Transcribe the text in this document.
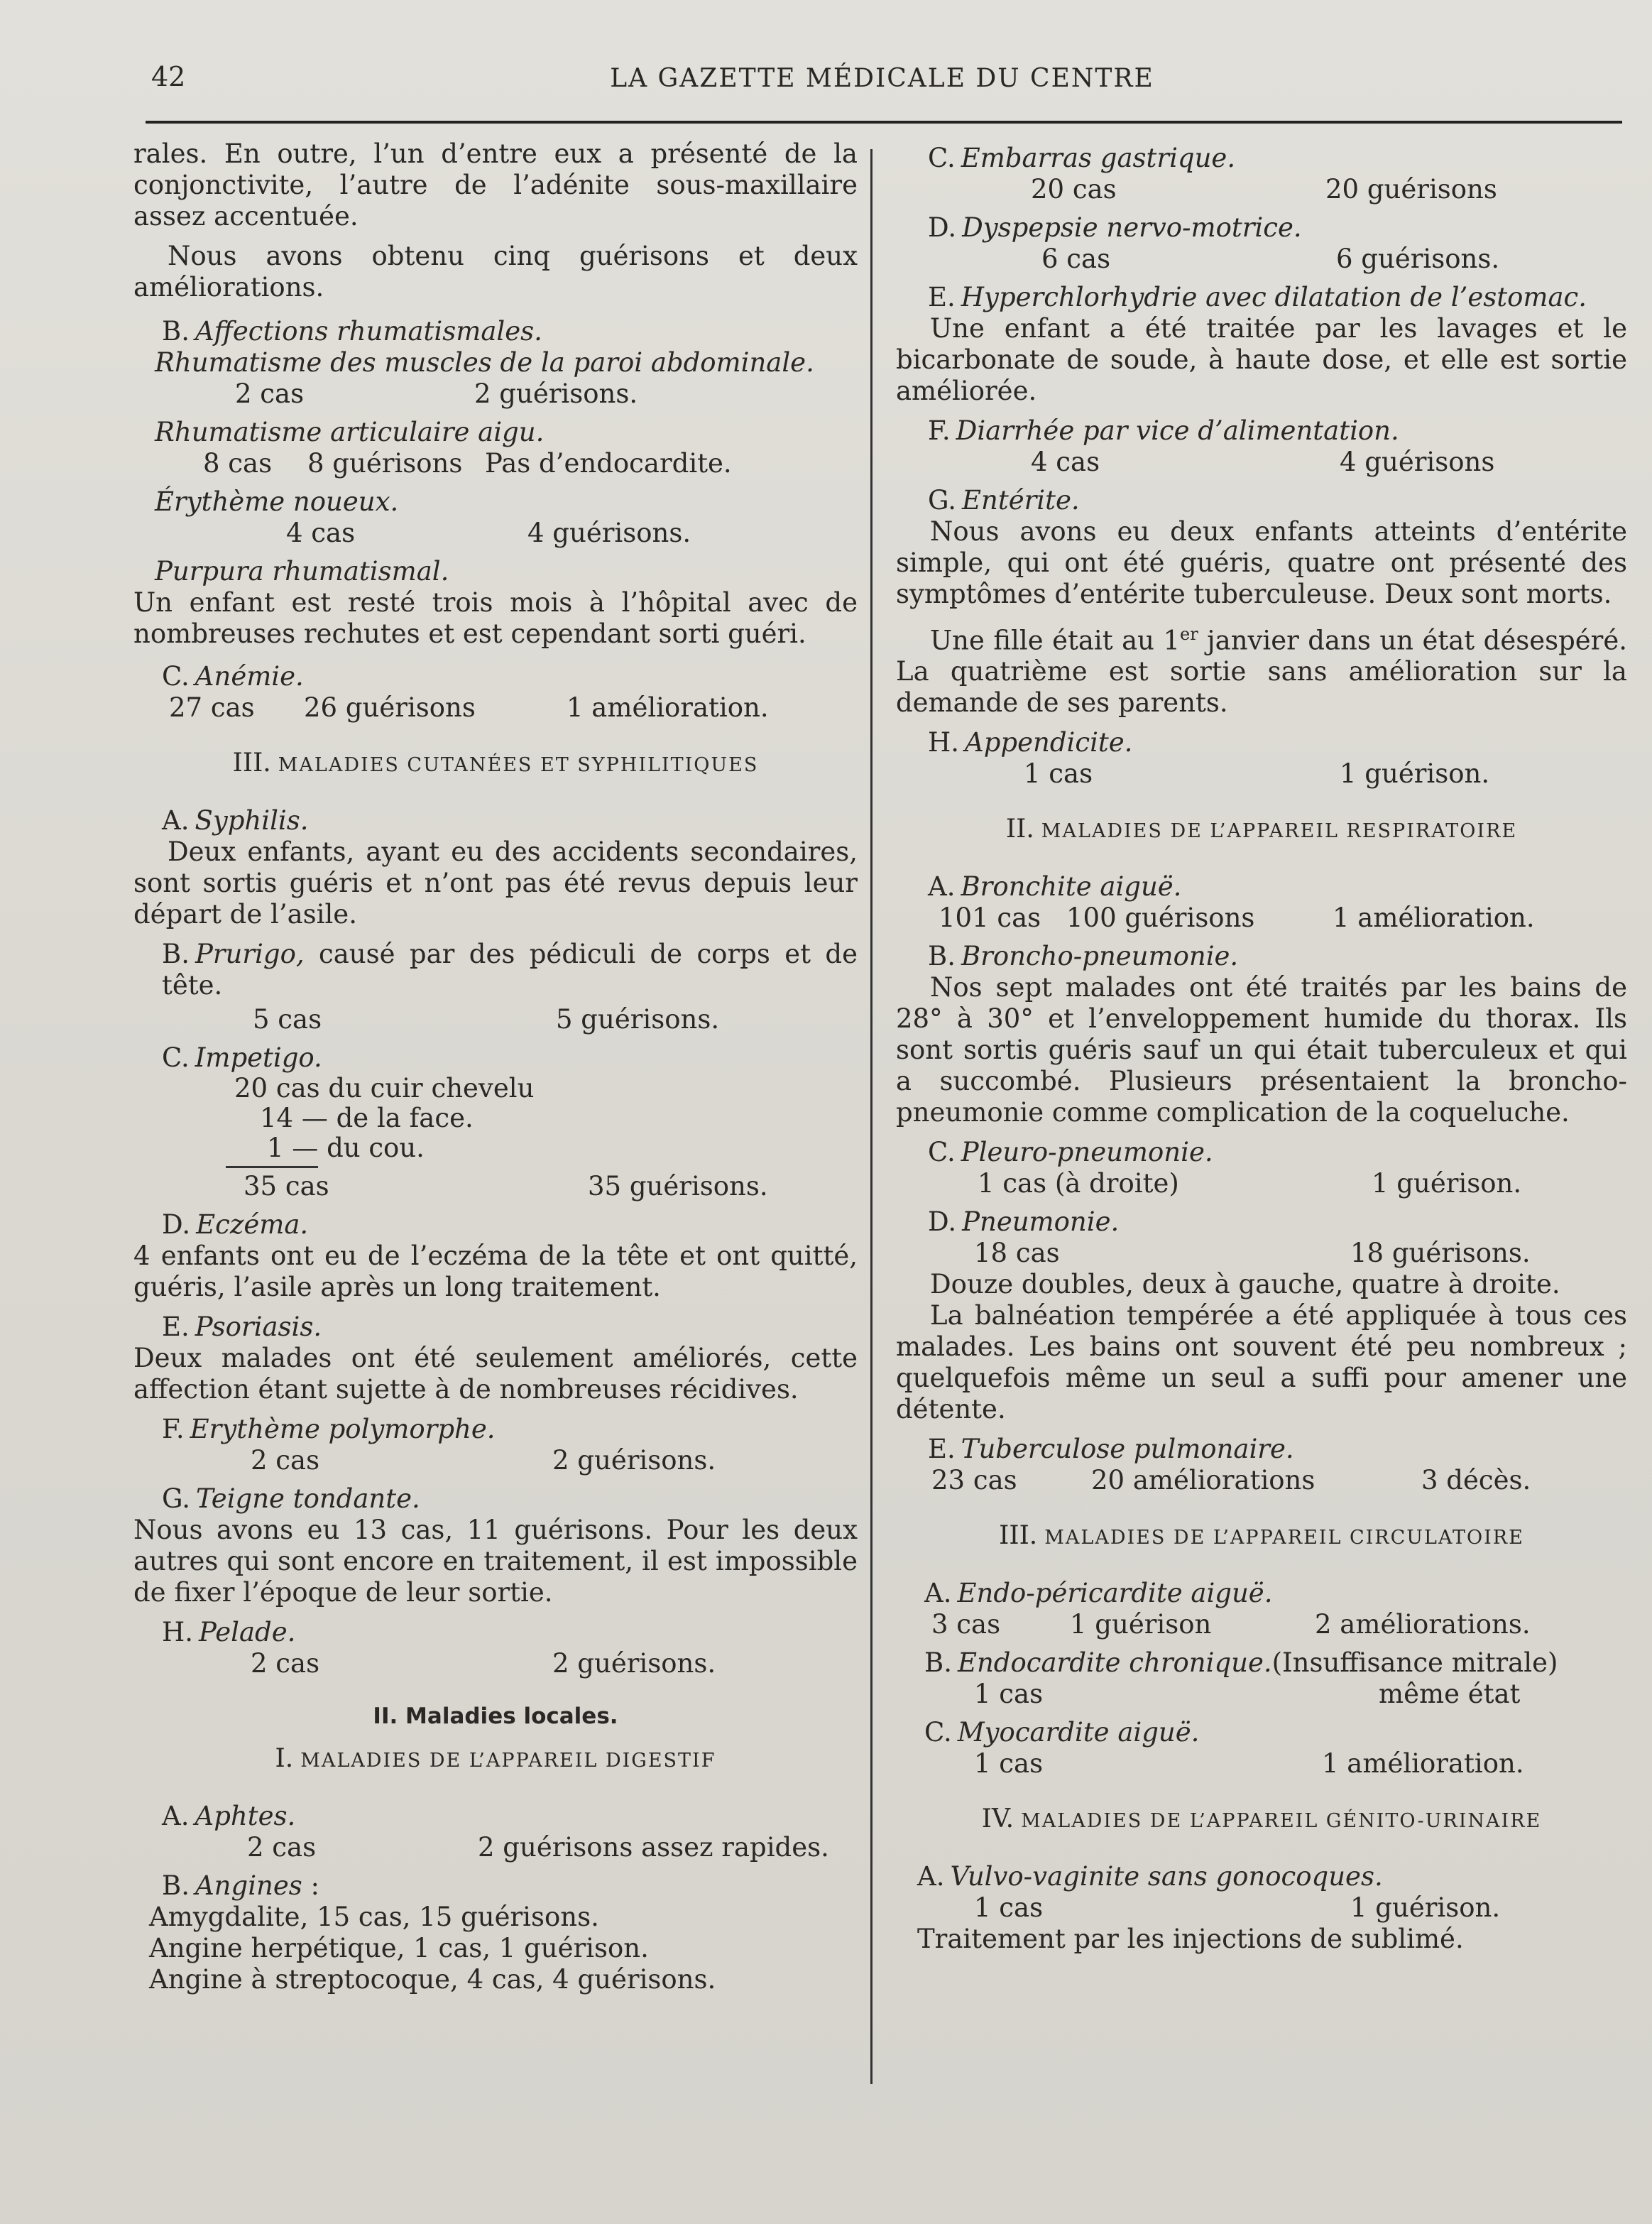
42	LA GAZETTE MÉDICALE DU CENTRE

rales. En outre, l’un d’entre eux a présenté de la conjonctivite, l’autre de l’adénite sous-maxillaire assez accentuée.

Nous avons obtenu cinq guérisons et deux améliorations.

B. Affections rhumatismales.

Rhumatisme des muscles de la paroi abdominale.

2 cas	2 guérisons.

Rhumatisme articulaire aigu.

8 cas	8 guérisons Pas d’endocardite.

Érythème noueux.

4 cas	4 guérisons.

Purpura rhumatismal.

Un enfant est resté trois mois à l’hôpital avec de nombreuses rechutes et est cependant sorti guéri.

C. Anémie.

27 cas	26 guérisons	1 amélioration.
III. MALADIES CUTANÉES ET SYPHILITIQUES

A. Syphilis.

Deux enfants, ayant eu des accidents secondaires, sont sortis guéris et n’ont pas été revus depuis leur départ de l’asile.

B. Prurigo, causé par des pédiculi de corps et de tête.

5 cas	5 guérisons.

C. Impetigo.

20 cas du cuir chevelu

14 — de la face.

1 — du cou.

35 cas	35 guérisons.

D. Eczéma.

4 enfants ont eu de l’eczéma de la tête et ont quitté, guéris, l’asile après un long traitement.

E. Psoriasis.

Deux malades ont été seulement améliorés, cette affection étant sujette à de nombreuses récidives.

F. Erythème polymorphe.

2 cas	2 guérisons.

G. Teigne tondante.

Nous avons eu 13 cas, 11 guérisons. Pour les deux autres qui sont encore en traitement, il est impossible de fixer l’époque de leur sortie.

H. Pelade.

2 cas	2 guérisons.
II. Maladies locales.
I. MALADIES DE L’APPAREIL DIGESTIF

A. Aphtes.

2 cas	2 guérisons assez rapides.

B. Angines :

Amygdalite, 15 cas, 15 guérisons.

Angine herpétique, 1 cas, 1 guérison.

Angine à streptocoque, 4 cas, 4 guérisons.

C. Embarras gastrique.

20 cas	20 guérisons

D. Dyspepsie nervo-motrice.

6 cas	6 guérisons.

E. Hyperchlorhydrie avec dilatation de l’estomac.

Une enfant a été traitée par les lavages et le bicarbonate de soude, à haute dose, et elle est sortie améliorée.

F. Diarrhée par vice d’alimentation.

4 cas	4 guérisons

G. Entérite.

Nous avons eu deux enfants atteints d’entérite simple, qui ont été guéris, quatre ont présenté des symptômes d’entérite tuberculeuse. Deux sont morts.

Une fille était au 1er janvier dans un état désespéré. La quatrième est sortie sans amélioration sur la demande de ses parents.

H. Appendicite.

1 cas	1 guérison.
II. MALADIES DE L’APPAREIL RESPIRATOIRE

A. Bronchite aiguë.

101 cas 100 guérisons	1 amélioration.

B. Broncho-pneumonie.

Nos sept malades ont été traités par les bains de 28° à 30° et l’enveloppement humide du thorax. Ils sont sortis guéris sauf un qui était tuberculeux et qui a succombé. Plusieurs présentaient la broncho-pneumonie comme complication de la coqueluche.

C. Pleuro-pneumonie.

1 cas (à droite)	1 guérison.

D. Pneumonie.

18 cas	18 guérisons.

Douze doubles, deux à gauche, quatre à droite.

La balnéation tempérée a été appliquée à tous ces malades. Les bains ont souvent été peu nombreux ; quelquefois même un seul a suffi pour amener une détente.

E. Tuberculose pulmonaire.

23 cas	20 améliorations	3 décès.
III. MALADIES DE L’APPAREIL CIRCULATOIRE

A. Endo-péricardite aiguë.

3 cas	1 guérison	2 améliorations.

B. Endocardite chronique.(Insuffisance mitrale)

1 cas	même état

C. Myocardite aiguë.

1 cas	1 amélioration.
IV. MALADIES DE L’APPAREIL GÉNITO-URINAIRE

A. Vulvo-vaginite sans gonocoques.

1 cas	1 guérison.

Traitement par les injections de sublimé.
